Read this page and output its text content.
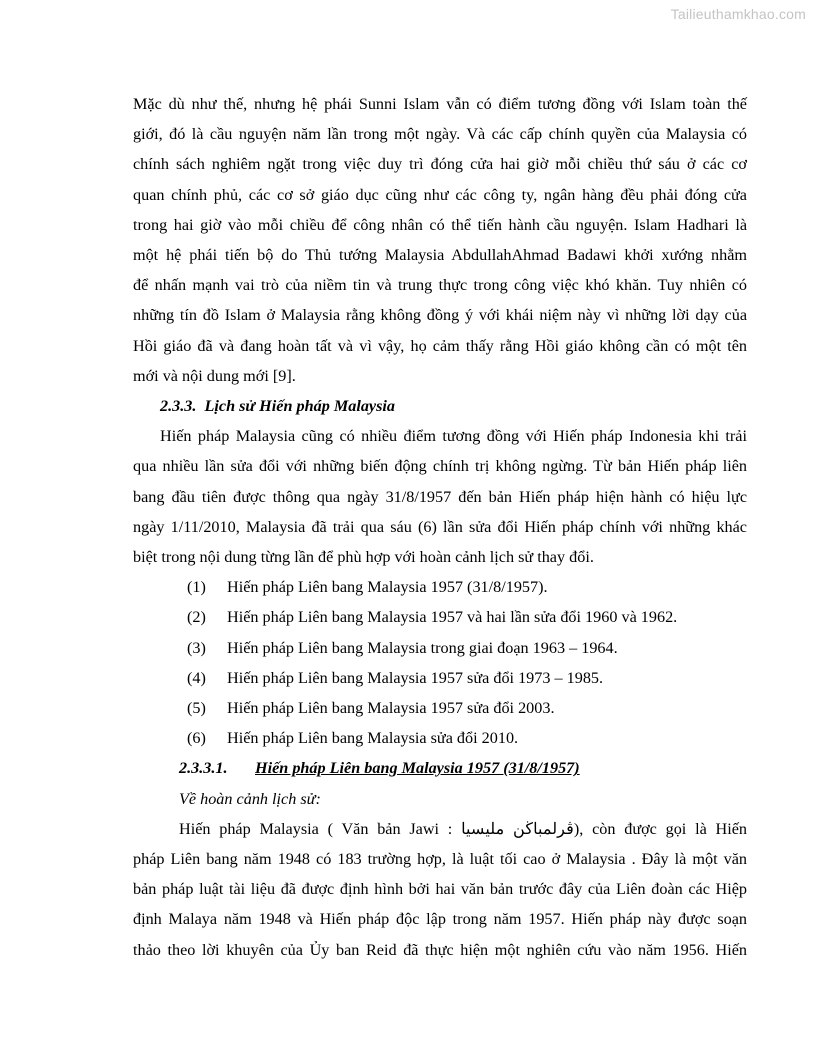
Tailieuthamkhao.com

Mặc dù như thế, nhưng hệ phái Sunni Islam vẫn có điểm tương đồng với Islam toàn thế

giới, đó là cầu nguyện năm lần trong một ngày. Và các cấp chính quyền của Malaysia có

chính sách nghiêm ngặt trong việc duy trì đóng cửa hai giờ mỗi chiều thứ sáu ở các cơ

quan chính phủ, các cơ sở giáo dục cũng như các công ty, ngân hàng đều phải đóng cửa

trong hai giờ vào mỗi chiều để công nhân có thể tiến hành cầu nguyện. Islam Hadhari là

một hệ phái tiến bộ do Thủ tướng Malaysia AbdullahAhmad Badawi khởi xướng nhằm

để nhấn mạnh vai trò của niềm tin và trung thực trong công việc khó khăn. Tuy nhiên có

những tín đồ Islam ở Malaysia rằng không đồng ý với khái niệm này vì những lời dạy của

Hồi giáo đã và đang hoàn tất và vì vậy, họ cảm thấy rằng Hồi giáo không cần có một tên

mới và nội dung mới [9].

2.3.3. Lịch sử Hiến pháp Malaysia

Hiến pháp Malaysia cũng có nhiều điểm tương đồng với Hiến pháp Indonesia khi trải

qua nhiều lần sửa đổi với những biến động chính trị không ngừng. Từ bản Hiến pháp liên

bang đầu tiên được thông qua ngày 31/8/1957 đến bản Hiến pháp hiện hành có hiệu lực

ngày 1/11/2010, Malaysia đã trải qua sáu (6) lần sửa đổi Hiến pháp chính với những khác

biệt trong nội dung từng lần để phù hợp với hoàn cảnh lịch sử thay đổi.

(1)	Hiến pháp Liên bang Malaysia 1957 (31/8/1957).
(2)	Hiến pháp Liên bang Malaysia 1957 và hai lần sửa đổi 1960 và 1962.
(3)	Hiến pháp Liên bang Malaysia trong giai đoạn 1963 – 1964.
(4)	Hiến pháp Liên bang Malaysia 1957 sửa đổi 1973 – 1985.
(5)	Hiến pháp Liên bang Malaysia 1957 sửa đổi 2003.
(6)	Hiến pháp Liên bang Malaysia sửa đổi 2010.

2.3.3.1. Hiến pháp Liên bang Malaysia 1957 (31/8/1957)

Về hoàn cảnh lịch sử:

Hiến pháp Malaysia ( Văn bản Jawi : ڤرلمباڬن مليسيا), còn được gọi là Hiến

pháp Liên bang năm 1948 có 183 trường hợp, là luật tối cao ở Malaysia . Đây là một văn

bản pháp luật tài liệu đã được định hình bởi hai văn bản trước đây của Liên đoàn các Hiệp

định Malaya năm 1948 và Hiến pháp độc lập trong năm 1957. Hiến pháp này được soạn

thảo theo lời khuyên của Ủy ban Reid đã thực hiện một nghiên cứu vào năm 1956. Hiến
